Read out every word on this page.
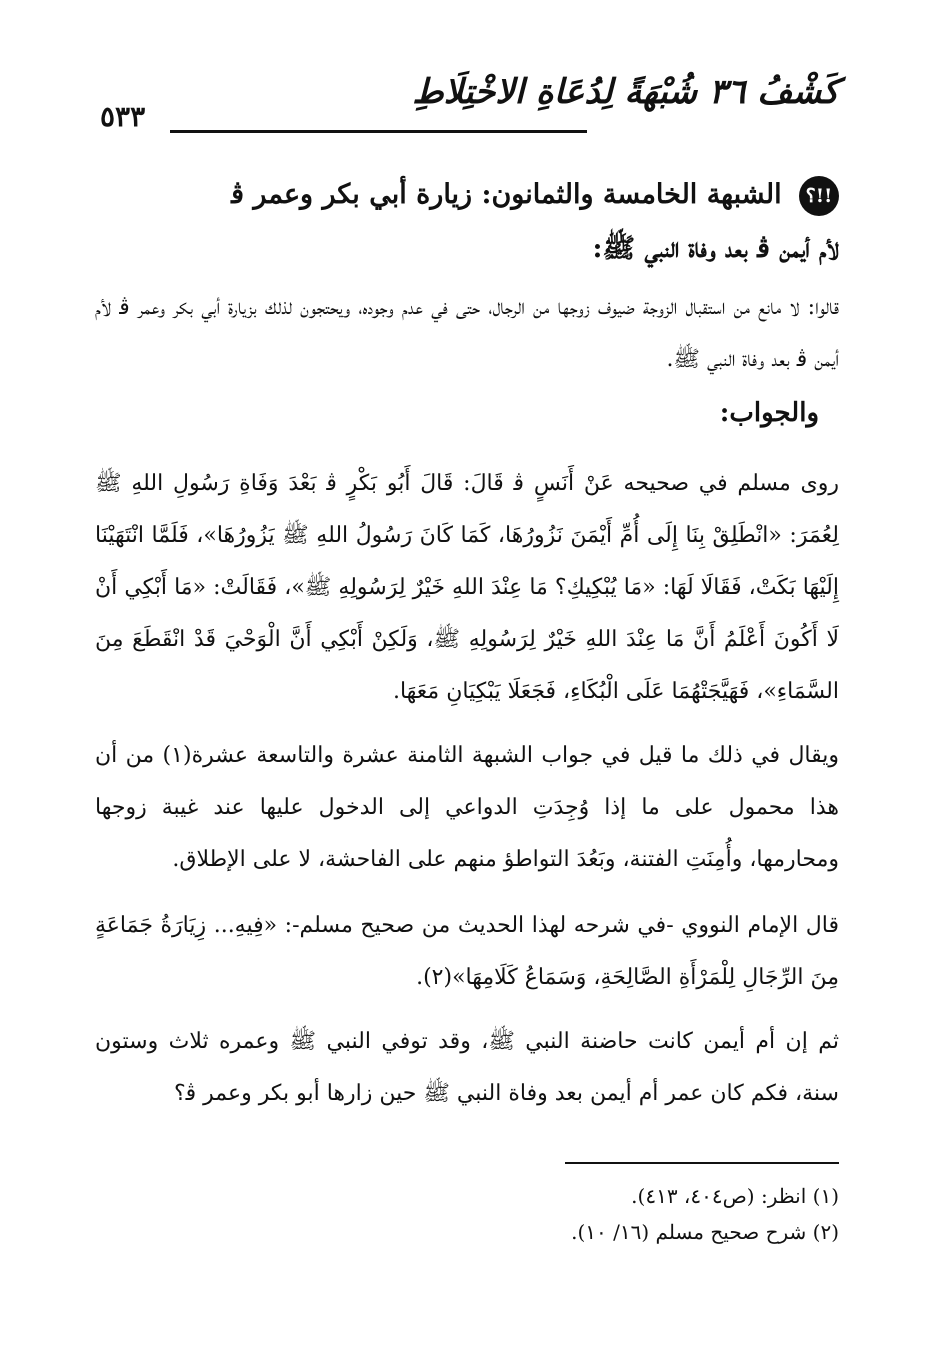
كَشْفُ ٣٦ شُبْهَةً لِدُعَاةِ الاخْتِلَاطِ
٥٣٣
!!؟ الشبهة الخامسة والثمانون: زيارة أبي بكر وعمر ﭬ
لأم أيمن ﭬ بعد وفاة النبي ﷺ:
قالوا: لا مانع من استقبال الزوجة ضيوف زوجها من الرجال، حتى في عدم وجوده، ويحتجون لذلك بزيارة أبي بكر وعمر ﭬ لأم أيمن ﭬ بعد وفاة النبي ﷺ.
والجواب:
روى مسلم في صحيحه عَنْ أَنَسٍ ﭬ قَالَ: قَالَ أَبُو بَكْرٍ ﭬ بَعْدَ وَفَاةِ رَسُولِ اللهِ ﷺ لِعُمَرَ: «انْطَلِقْ بِنَا إِلَى أُمِّ أَيْمَنَ نَزُورُهَا، كَمَا كَانَ رَسُولُ اللهِ ﷺ يَزُورُهَا»، فَلَمَّا انْتَهَيْنَا إِلَيْهَا بَكَتْ، فَقَالَا لَهَا: «مَا يُبْكِيكِ؟ مَا عِنْدَ اللهِ خَيْرٌ لِرَسُولِهِ ﷺ»، فَقَالَتْ: «مَا أَبْكِي أَنْ لَا أَكُونَ أَعْلَمُ أَنَّ مَا عِنْدَ اللهِ خَيْرٌ لِرَسُولِهِ ﷺ، وَلَكِنْ أَبْكِي أَنَّ الْوَحْيَ قَدْ انْقَطَعَ مِنَ السَّمَاءِ»، فَهَيَّجَتْهُمَا عَلَى الْبُكَاءِ، فَجَعَلَا يَبْكِيَانِ مَعَهَا.
ويقال في ذلك ما قيل في جواب الشبهة الثامنة عشرة والتاسعة عشرة(١) من أن هذا محمول على ما إذا وُجِدَتِ الدواعي إلى الدخول عليها عند غيبة زوجها ومحارمها، وأُمِنَتِ الفتنة، وبَعُدَ التواطؤ منهم على الفاحشة، لا على الإطلاق.
قال الإمام النووي -في شرحه لهذا الحديث من صحيح مسلم-: «فِيهِ... زِيَارَةُ جَمَاعَةٍ مِنَ الرِّجَالِ لِلْمَرْأَةِ الصَّالِحَةِ، وَسَمَاعُ كَلَامِهَا»(٢).
ثم إن أم أيمن كانت حاضنة النبي ﷺ، وقد توفي النبي ﷺ وعمره ثلاث وستون سنة، فكم كان عمر أم أيمن بعد وفاة النبي ﷺ حين زارها أبو بكر وعمر ﭬ؟
(١) انظر: (ص٤٠٤، ٤١٣).
(٢) شرح صحيح مسلم (١٦/ ١٠).
